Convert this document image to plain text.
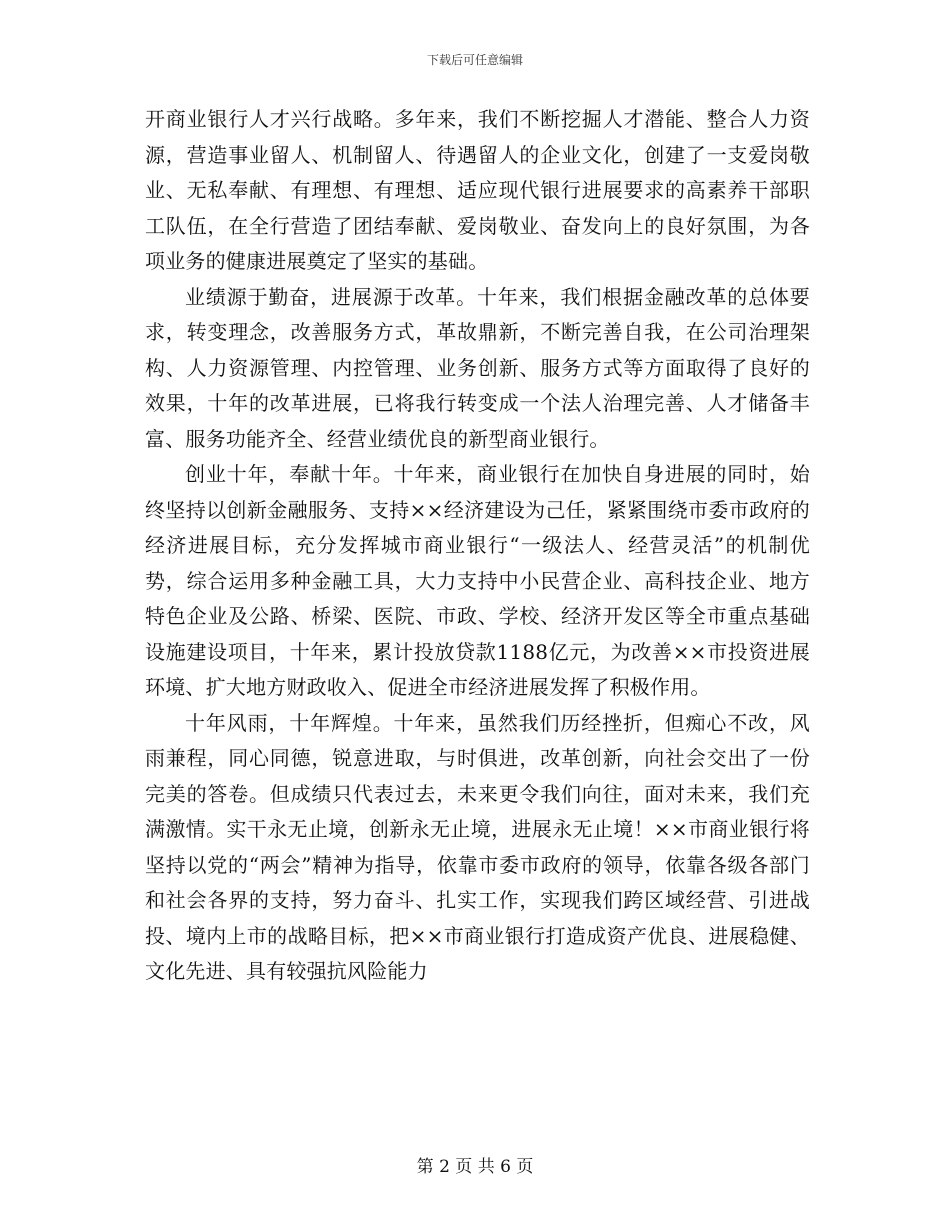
下载后可任意编辑

开商业银行人才兴行战略。多年来，我们不断挖掘人才潜能、整合人力资源，营造事业留人、机制留人、待遇留人的企业文化，创建了一支爱岗敬业、无私奉献、有理想、有理想、适应现代银行进展要求的高素养干部职工队伍，在全行营造了团结奉献、爱岗敬业、奋发向上的良好氛围，为各项业务的健康进展奠定了坚实的基础。

业绩源于勤奋，进展源于改革。十年来，我们根据金融改革的总体要求，转变理念，改善服务方式，革故鼎新，不断完善自我，在公司治理架构、人力资源管理、内控管理、业务创新、服务方式等方面取得了良好的效果，十年的改革进展，已将我行转变成一个法人治理完善、人才储备丰富、服务功能齐全、经营业绩优良的新型商业银行。

创业十年，奉献十年。十年来，商业银行在加快自身进展的同时，始终坚持以创新金融服务、支持××经济建设为己任，紧紧围绕市委市政府的经济进展目标，充分发挥城市商业银行“一级法人、经营灵活”的机制优势，综合运用多种金融工具，大力支持中小民营企业、高科技企业、地方特色企业及公路、桥梁、医院、市政、学校、经济开发区等全市重点基础设施建设项目，十年来，累计投放贷款1188亿元，为改善××市投资进展环境、扩大地方财政收入、促进全市经济进展发挥了积极作用。

十年风雨，十年辉煌。十年来，虽然我们历经挫折，但痴心不改，风雨兼程，同心同德，锐意进取，与时俱进，改革创新，向社会交出了一份完美的答卷。但成绩只代表过去，未来更令我们向往，面对未来，我们充满激情。实干永无止境，创新永无止境，进展永无止境！××市商业银行将坚持以党的“两会”精神为指导，依靠市委市政府的领导，依靠各级各部门和社会各界的支持，努力奋斗、扎实工作，实现我们跨区域经营、引进战投、境内上市的战略目标，把××市商业银行打造成资产优良、进展稳健、文化先进、具有较强抗风险能力

第 2 页 共 6 页
